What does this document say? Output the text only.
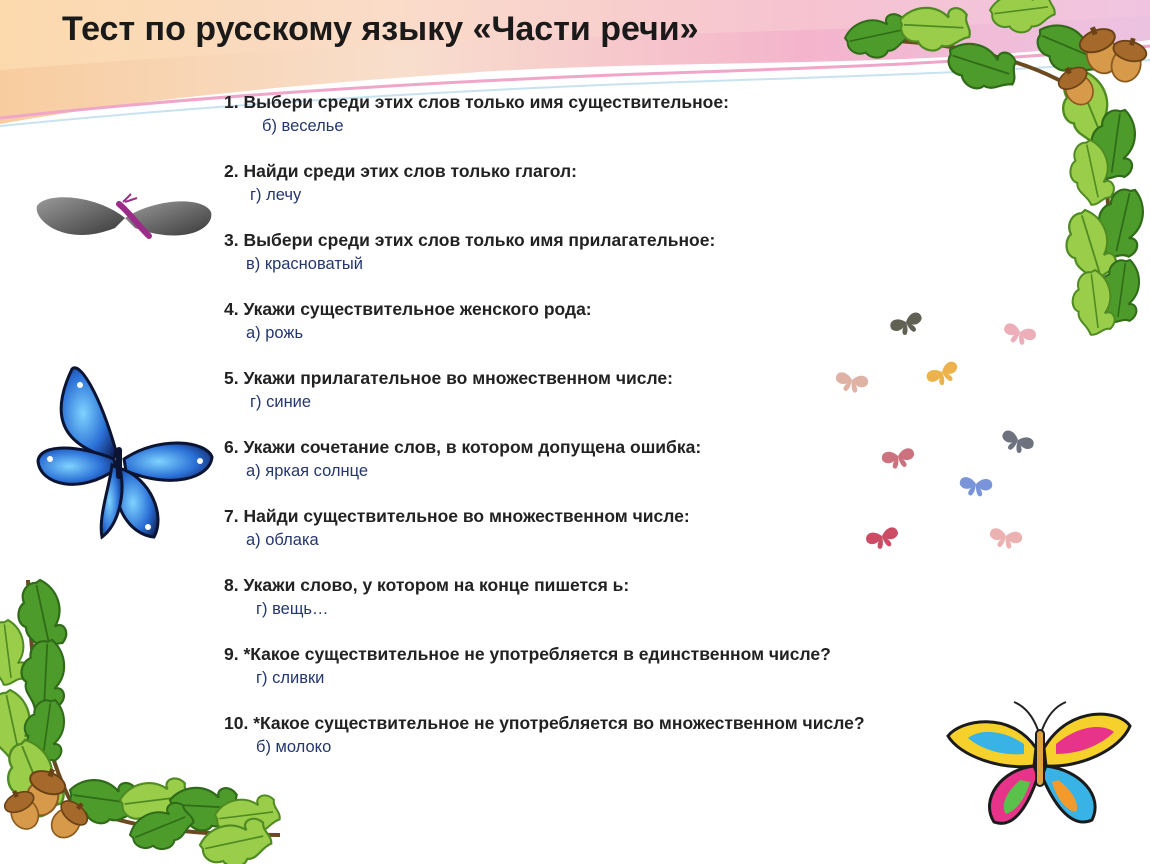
Тест по русскому языку «Части речи»
1. Выбери среди этих слов только имя существительное:
б) веселье
2. Найди среди этих слов только глагол:
г) лечу
3. Выбери среди этих слов только имя прилагательное:
в) красноватый
4. Укажи существительное женского рода:
а) рожь
5. Укажи прилагательное во множественном числе:
г) синие
6. Укажи сочетание слов, в котором допущена ошибка:
а) яркая солнце
7. Найди существительное во множественном числе:
а) облака
8. Укажи слово, у котором на конце пишется ь:
г) вещь…
9. *Какое существительное не употребляется в единственном числе?
г) сливки
10. *Какое существительное не употребляется во множественном числе?
б) молоко
